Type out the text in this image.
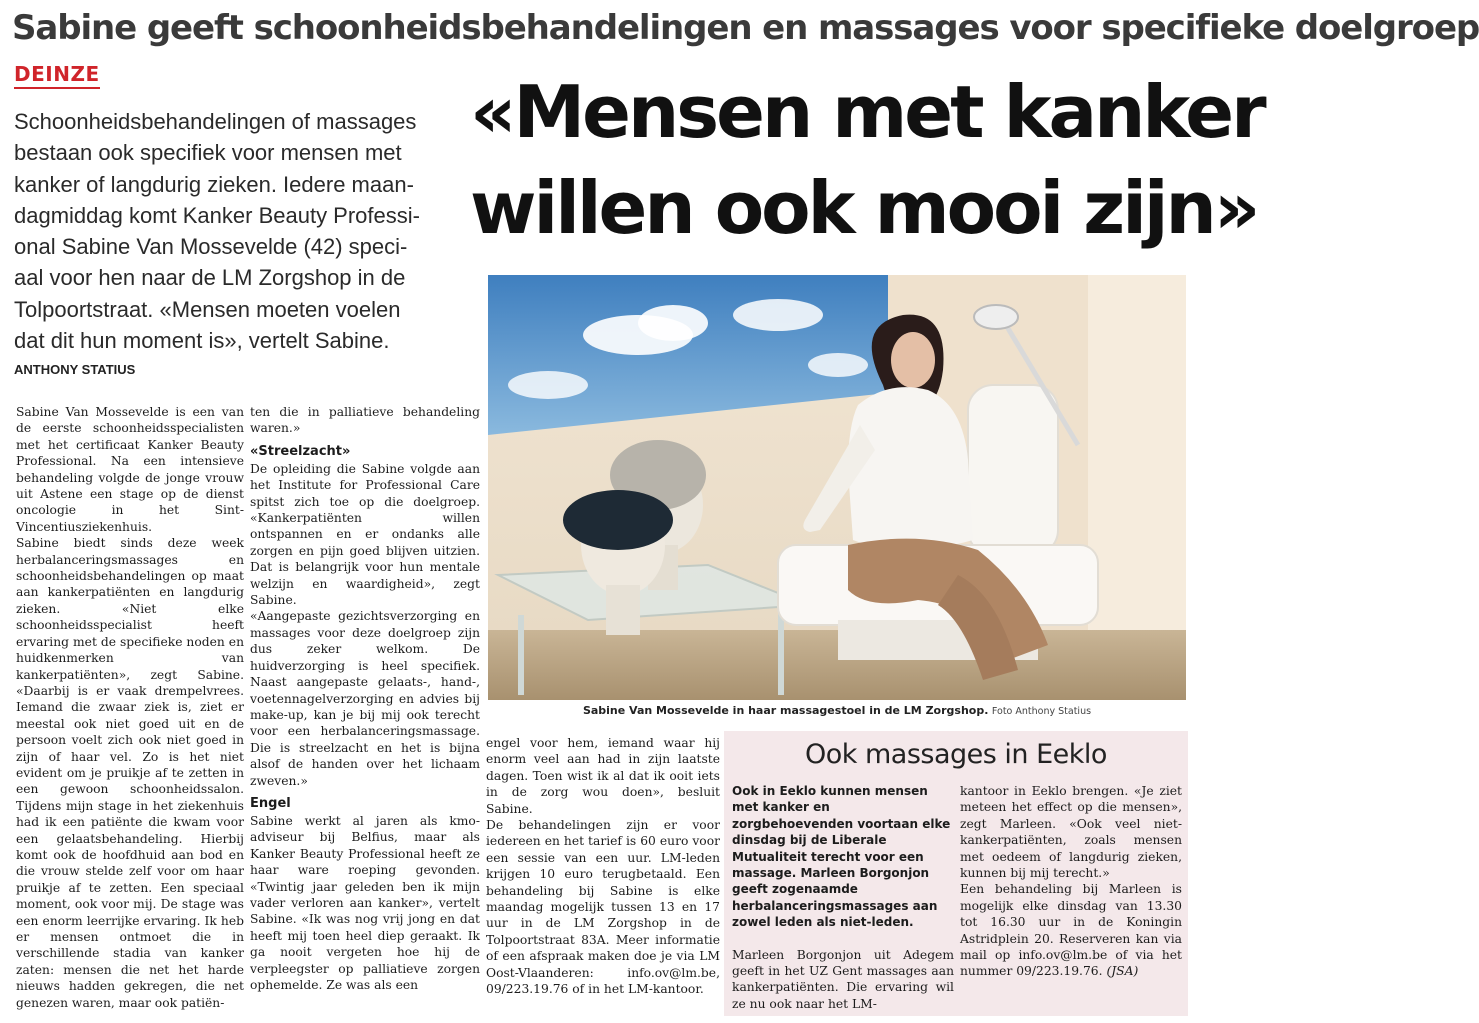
Sabine geeft schoonheidsbehandelingen en massages voor specifieke doelgroep
DEINZE	«Mensen met kanker
willen ook mooi zijn»
Schoonheidsbehandelingen of massages
bestaan ook specifiek voor mensen met
kanker of langdurig zieken. Iedere maan-
dagmiddag komt Kanker Beauty Professi-
onal Sabine Van Mossevelde (42) speci-
aal voor hen naar de LM Zorgshop in de
Tolpoortstraat. «Mensen moeten voelen
dat dit hun moment is», vertelt Sabine.
ANTHONY STATIUS

Sabine Van Mossevelde is een van de eerste schoonheidsspecialisten met het certificaat Kanker Beauty Professional. Na een intensieve behandeling volgde de jonge vrouw uit Astene een stage op de dienst oncologie in het Sint-Vincentiusziekenhuis.

Sabine biedt sinds deze week herbalanceringsmassages en schoonheidsbehandelingen op maat aan kankerpatiënten en langdurig zieken. «Niet elke schoonheidsspecialist heeft ervaring met de specifieke noden en huidkenmerken van kankerpatiënten», zegt Sabine. «Daarbij is er vaak drempelvrees. Iemand die zwaar ziek is, ziet er meestal ook niet goed uit en de persoon voelt zich ook niet goed in zijn of haar vel. Zo is het niet evident om je pruikje af te zetten in een gewoon schoonheidssalon. Tijdens mijn stage in het ziekenhuis had ik een patiënte die kwam voor een gelaatsbehandeling. Hierbij komt ook de hoofdhuid aan bod en die vrouw stelde zelf voor om haar pruikje af te zetten. Een speciaal moment, ook voor mij. De stage was een enorm leerrijke ervaring. Ik heb er mensen ontmoet die in verschillende stadia van kanker zaten: mensen die net het harde nieuws hadden gekregen, die net genezen waren, maar ook patiën-

ten die in palliatieve behandeling waren.»

«Streelzacht»

De opleiding die Sabine volgde aan het Institute for Professional Care spitst zich toe op die doelgroep. «Kankerpatiënten willen ontspannen en er ondanks alle zorgen en pijn goed blijven uitzien. Dat is belangrijk voor hun mentale welzijn en waardigheid», zegt Sabine.

«Aangepaste gezichtsverzorging en massages voor deze doelgroep zijn dus zeker welkom. De huidverzorging is heel specifiek. Naast aangepaste gelaats-, hand-, voetennagelverzorging en advies bij make-up, kan je bij mij ook terecht voor een herbalanceringsmassage. Die is streelzacht en het is bijna alsof de handen over het lichaam zweven.»

Engel

Sabine werkt al jaren als kmo-adviseur bij Belfius, maar als Kanker Beauty Professional heeft ze haar ware roeping gevonden. «Twintig jaar geleden ben ik mijn vader verloren aan kanker», vertelt Sabine. «Ik was nog vrij jong en dat heeft mij toen heel diep geraakt. Ik ga nooit vergeten hoe hij de verpleegster op palliatieve zorgen ophemelde. Ze was als een

Sabine Van Mossevelde in haar massagestoel in de LM Zorgshop. Foto Anthony Statius

engel voor hem, iemand waar hij enorm veel aan had in zijn laatste dagen. Toen wist ik al dat ik ooit iets in de zorg wou doen», besluit Sabine.

De behandelingen zijn er voor iedereen en het tarief is 60 euro voor een sessie van een uur. LM-leden krijgen 10 euro terugbetaald. Een behandeling bij Sabine is elke maandag mogelijk tussen 13 en 17 uur in de LM Zorgshop in de Tolpoortstraat 83A. Meer informatie of een afspraak maken doe je via LM Oost-Vlaanderen: info.ov@lm.be, 09/223.19.76 of in het LM-kantoor.

Ook massages in Eeklo

Ook in Eeklo kunnen mensen met kanker en zorgbehoevenden voortaan elke dinsdag bij de Liberale Mutualiteit terecht voor een massage. Marleen Borgonjon geeft zogenaamde herbalanceringsmassages aan zowel leden als niet-leden.

Marleen Borgonjon uit Adegem geeft in het UZ Gent massages aan kankerpatiënten. Die ervaring wil ze nu ook naar het LM-

kantoor in Eeklo brengen. «Je ziet meteen het effect op die mensen», zegt Marleen. «Ook veel niet-kankerpatiënten, zoals mensen met oedeem of langdurig zieken, kunnen bij mij terecht.»

Een behandeling bij Marleen is mogelijk elke dinsdag van 13.30 tot 16.30 uur in de Koningin Astridplein 20. Reserveren kan via mail op info.ov@lm.be of via het nummer 09/223.19.76. (JSA)
